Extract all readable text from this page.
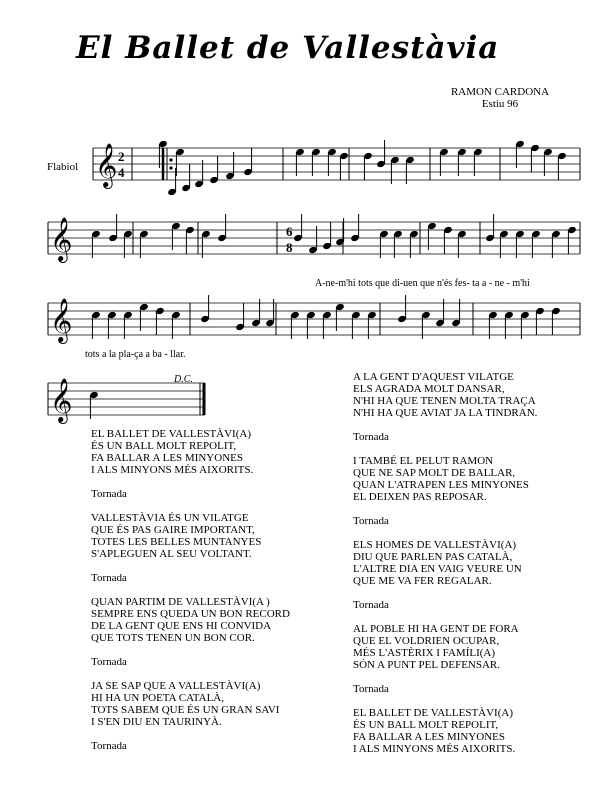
El Ballet de Vallestàvia
RAMON CARDONA
Estiu 96
𝄞
𝄞
𝄞
𝄞
Flabiol
2
4
6
8
A-ne-m'hi tots que di-uen que n'és fes- ta a - ne - m'hi
tots a la pla-ça a ba - llar.
D.C.
EL BALLET DE VALLESTÀVI(A)
ÉS UN BALL MOLT REPOLIT,
FA BALLAR A LES MINYONES
I ALS MINYONS MÉS AIXORITS.
Tornada
VALLESTÀVIA ÉS UN VILATGE
QUE ÉS PAS GAIRE IMPORTANT,
TOTES LES BELLES MUNTANYES
S'APLEGUEN AL SEU VOLTANT.
Tornada
QUAN PARTIM DE VALLESTÀVI(A )
SEMPRE ENS QUEDA UN BON RECORD
DE LA GENT QUE ENS HI CONVIDA
QUE TOTS TENEN UN BON COR.
Tornada
JA SE SAP QUE A VALLESTÀVI(A)
HI HA UN POETA CATALÀ,
TOTS SABEM QUE ÉS UN GRAN SAVI
I S'EN DIU EN TAURINYÀ.
Tornada
A LA GENT D'AQUEST VILATGE
ELS AGRADA MOLT DANSAR,
N'HI HA QUE TENEN MOLTA TRAÇA
N'HI HA QUE AVIAT JA LA TINDRAN.
Tornada
I TAMBÉ EL PELUT RAMON
QUE NE SAP MOLT DE BALLAR,
QUAN L'ATRAPEN LES MINYONES
EL DEIXEN PAS REPOSAR.
Tornada
ELS HOMES DE VALLESTÀVI(A)
DIU QUE PARLEN PAS CATALÀ,
L'ALTRE DIA EN VAIG VEURE UN
QUE ME VA FER REGALAR.
Tornada
AL POBLE HI HA GENT DE FORA
QUE EL VOLDRIEN OCUPAR,
MÉS L'ASTÈRIX I FAMÍLI(A)
SÓN A PUNT PEL DEFENSAR.
Tornada
EL BALLET DE VALLESTÀVI(A)
ÉS UN BALL MOLT REPOLIT,
FA BALLAR A LES MINYONES
I ALS MINYONS MÉS AIXORITS.
